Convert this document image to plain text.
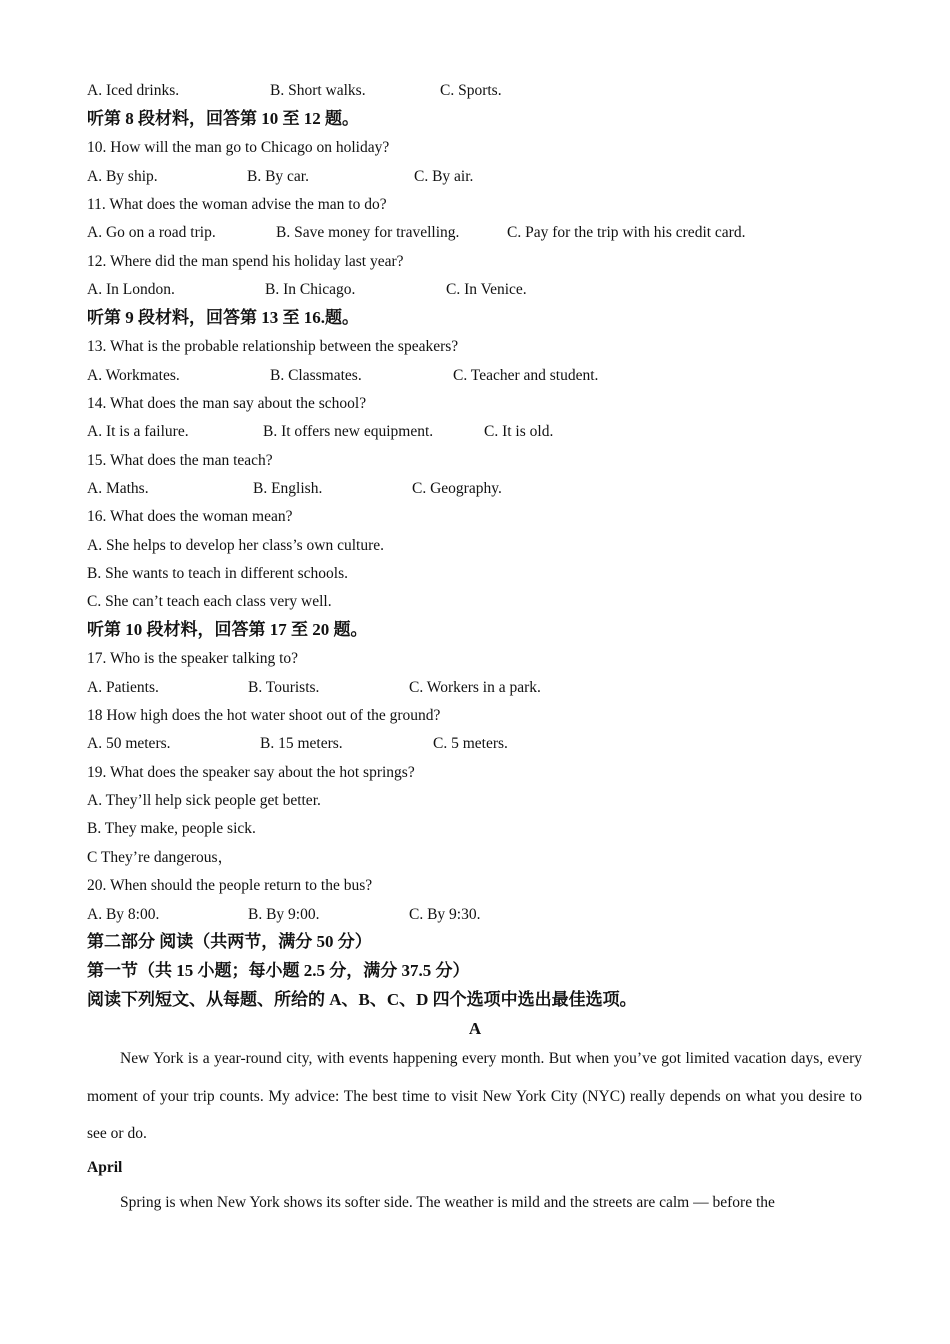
A. Iced drinks.	B. Short walks.	C. Sports.
听第 8 段材料，回答第 10 至 12 题。
10. How will the man go to Chicago on holiday?
A. By ship.	B. By car.	C. By air.
11. What does the woman advise the man to do?
A. Go on a road trip.	B. Save money for travelling.	C. Pay for the trip with his credit card.
12. Where did the man spend his holiday last year?
A. In London.	B. In Chicago.	C. In Venice.
听第 9 段材料，回答第 13 至 16.题。
13. What is the probable relationship between the speakers?
A. Workmates.	B. Classmates.	C. Teacher and student.
14. What does the man say about the school?
A. It is a failure.	B. It offers new equipment.	C. It is old.
15. What does the man teach?
A. Maths.	B. English.	C. Geography.
16. What does the woman mean?
A. She helps to develop her class’s own culture.
B. She wants to teach in different schools.
C. She can’t teach each class very well.
听第 10 段材料，回答第 17 至 20 题。
17. Who is the speaker talking to?
A. Patients.	B. Tourists.	C. Workers in a park.
18 How high does the hot water shoot out of the ground?
A. 50 meters.	B. 15 meters.	C. 5 meters.
19. What does the speaker say about the hot springs?
A. They’ll help sick people get better.
B. They make, people sick.
C They’re dangerous，
20. When should the people return to the bus?
A. By 8:00.	B. By 9:00.	C. By 9:30.
第二部分 阅读（共两节，满分 50 分）
第一节（共 15 小题；每小题 2.5 分，满分 37.5 分）
阅读下列短文、从每题、所给的 A、B、C、D 四个选项中选出最佳选项。
A
New York is a year-round city, with events happening every month. But when you’ve got limited vacation days, every moment of your trip counts. My advice: The best time to visit New York City (NYC) really depends on what you desire to see or do.
April
Spring is when New York shows its softer side. The weather is mild and the streets are calm — before the
